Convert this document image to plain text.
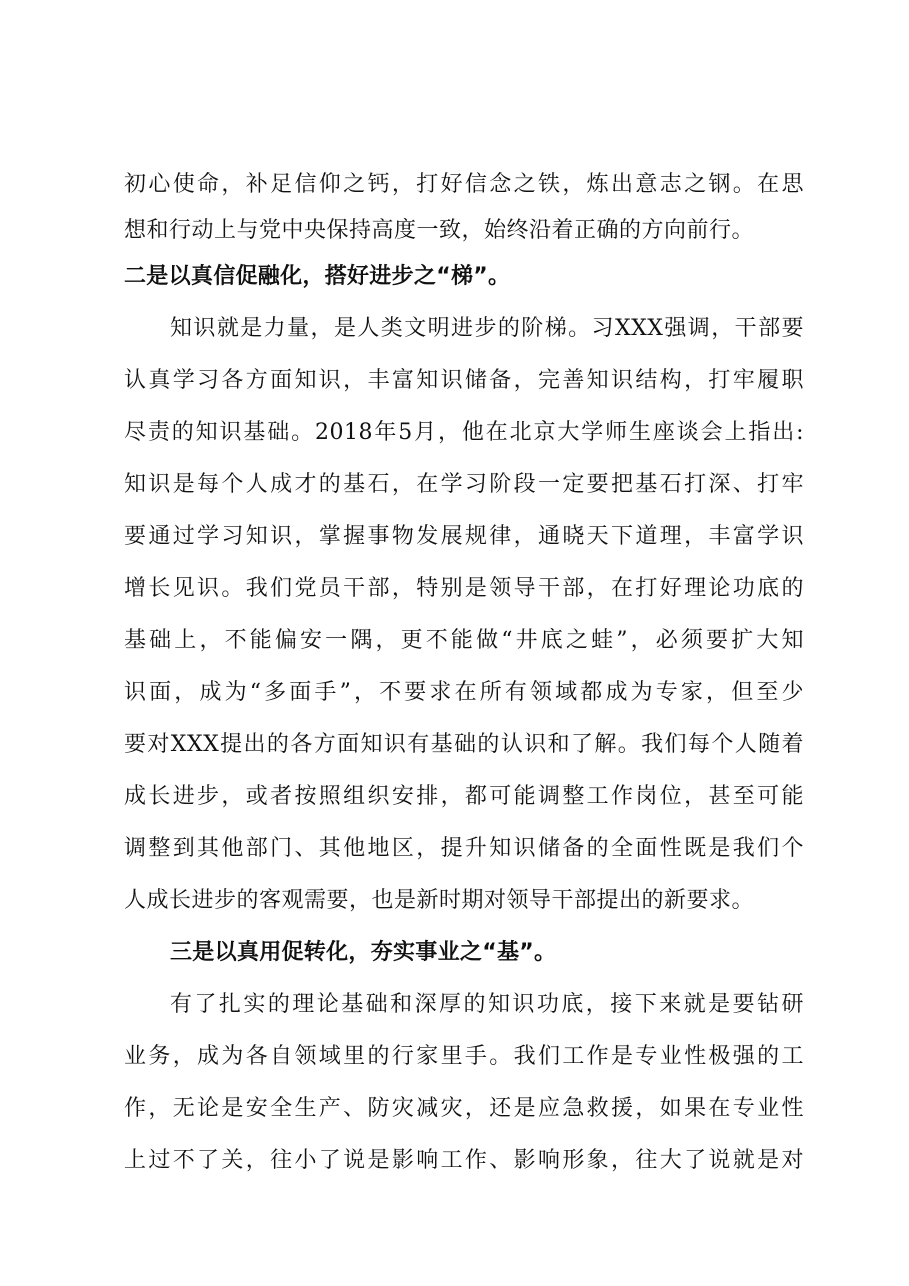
初心使命，补足信仰之钙，打好信念之铁，炼出意志之钢。在思
想和行动上与党中央保持高度一致，始终沿着正确的方向前行。
二是以真信促融化，搭好进步之“梯”。
知识就是力量，是人类文明进步的阶梯。习XXX强调，干部要
认真学习各方面知识，丰富知识储备，完善知识结构，打牢履职
尽责的知识基础。2018年5月，他在北京大学师生座谈会上指出:
知识是每个人成才的基石，在学习阶段一定要把基石打深、打牢
要通过学习知识，掌握事物发展规律，通晓天下道理，丰富学识
增长见识。我们党员干部，特别是领导干部，在打好理论功底的
基础上，不能偏安一隅，更不能做“井底之蛙”，必须要扩大知
识面，成为“多面手”，不要求在所有领域都成为专家，但至少
要对XXX提出的各方面知识有基础的认识和了解。我们每个人随着
成长进步，或者按照组织安排，都可能调整工作岗位，甚至可能
调整到其他部门、其他地区，提升知识储备的全面性既是我们个
人成长进步的客观需要，也是新时期对领导干部提出的新要求。
三是以真用促转化，夯实事业之“基”。
有了扎实的理论基础和深厚的知识功底，接下来就是要钻研
业务，成为各自领域里的行家里手。我们工作是专业性极强的工
作，无论是安全生产、防灾减灾，还是应急救援，如果在专业性
上过不了关，往小了说是影响工作、影响形象，往大了说就是对
